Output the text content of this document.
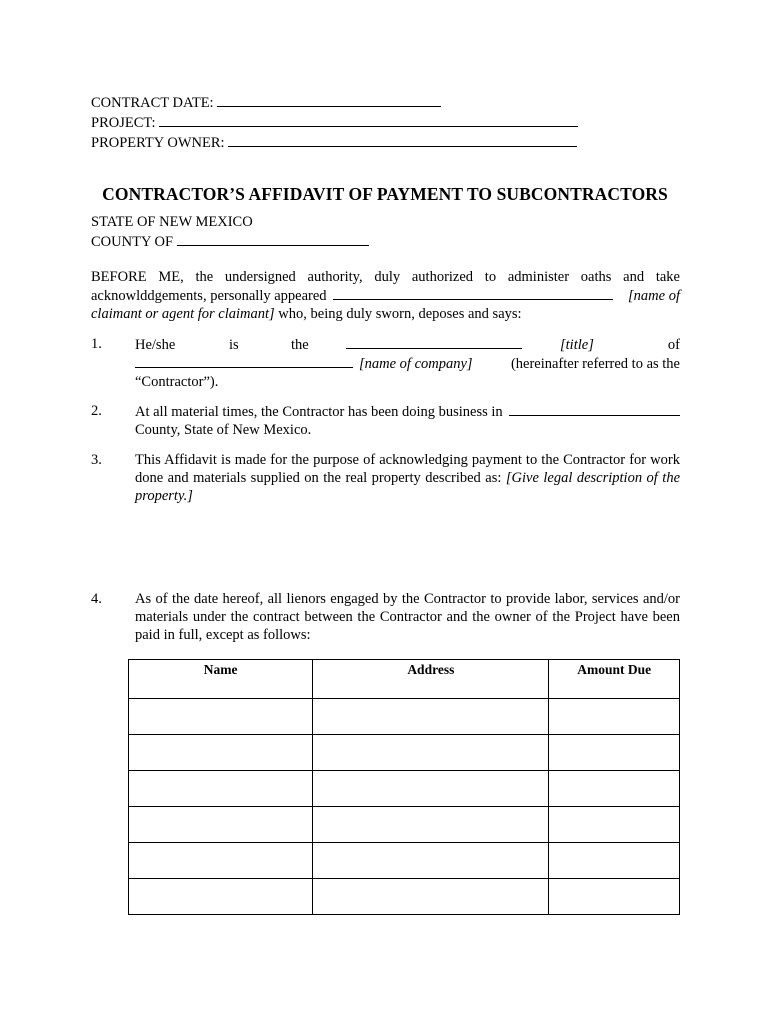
CONTRACT DATE:
PROJECT:
PROPERTY OWNER:
CONTRACTOR’S AFFIDAVIT OF PAYMENT TO SUBCONTRACTORS
STATE OF NEW MEXICO
COUNTY OF
BEFORE ME, the undersigned authority, duly authorized to administer oaths and take
acknowlddgements, personally appeared	[name of
claimant or agent for claimant] who, being duly sworn, deposes and says:
1. He/she	is	the	[title]	of
[name of company]	(hereinafter referred to as the
“Contractor”).
2. At all material times, the Contractor has been doing business in
County, State of New Mexico.
3. This Affidavit is made for the purpose of acknowledging payment to the Contractor for work done and materials supplied on the real property described as: [Give legal description of the property.]
4. As of the date hereof, all lienors engaged by the Contractor to provide labor, services and/or materials under the contract between the Contractor and the owner of the Project have been paid in full, except as follows:
Name	Address	Amount Due
